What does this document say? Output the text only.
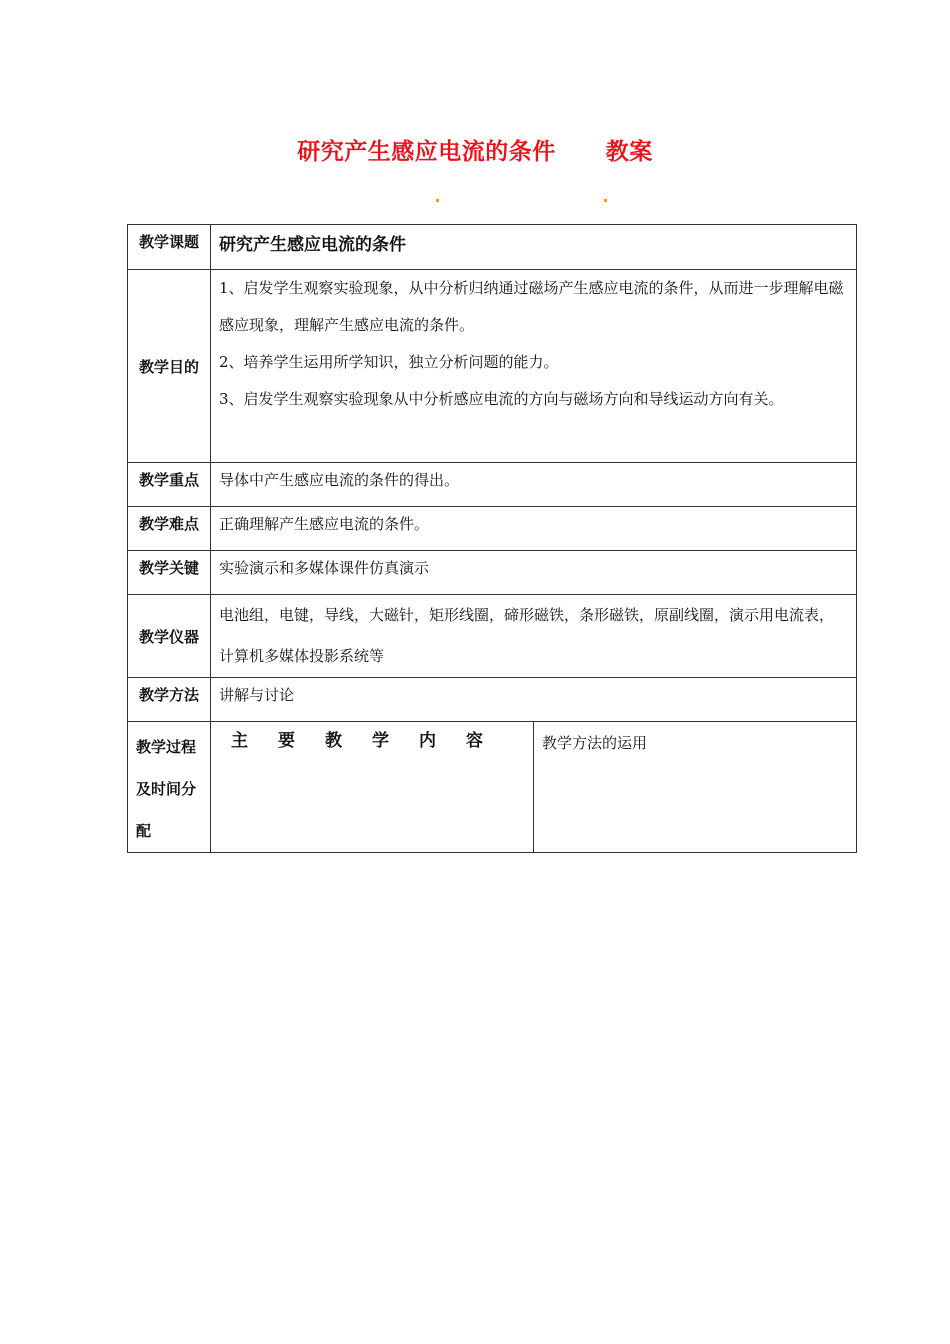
研究产生感应电流的条件 教案
教学课题	研究产生感应电流的条件	
教学目的	1、启发学生观察实验现象，从中分析归纳通过磁场产生感应电流的条件，从而进一步理解电磁感应现象，理解产生感应电流的条件。

2、培养学生运用所学知识，独立分析问题的能力。

3、启发学生观察实验现象从中分析感应电流的方向与磁场方向和导线运动方向有关。	

教学重点	导体中产生感应电流的条件的得出。	
教学难点	正确理解产生感应电流的条件。	
教学关键	实验演示和多媒体课件仿真演示	
教学仪器	电池组，电键，导线，大磁针，矩形线圈，碲形磁铁，条形磁铁，原副线圈，演示用电流表，计算机多媒体投影系统等	
教学方法	讲解与讨论	
教学过程及时间分配	主要教学内容	教学方法的运用
